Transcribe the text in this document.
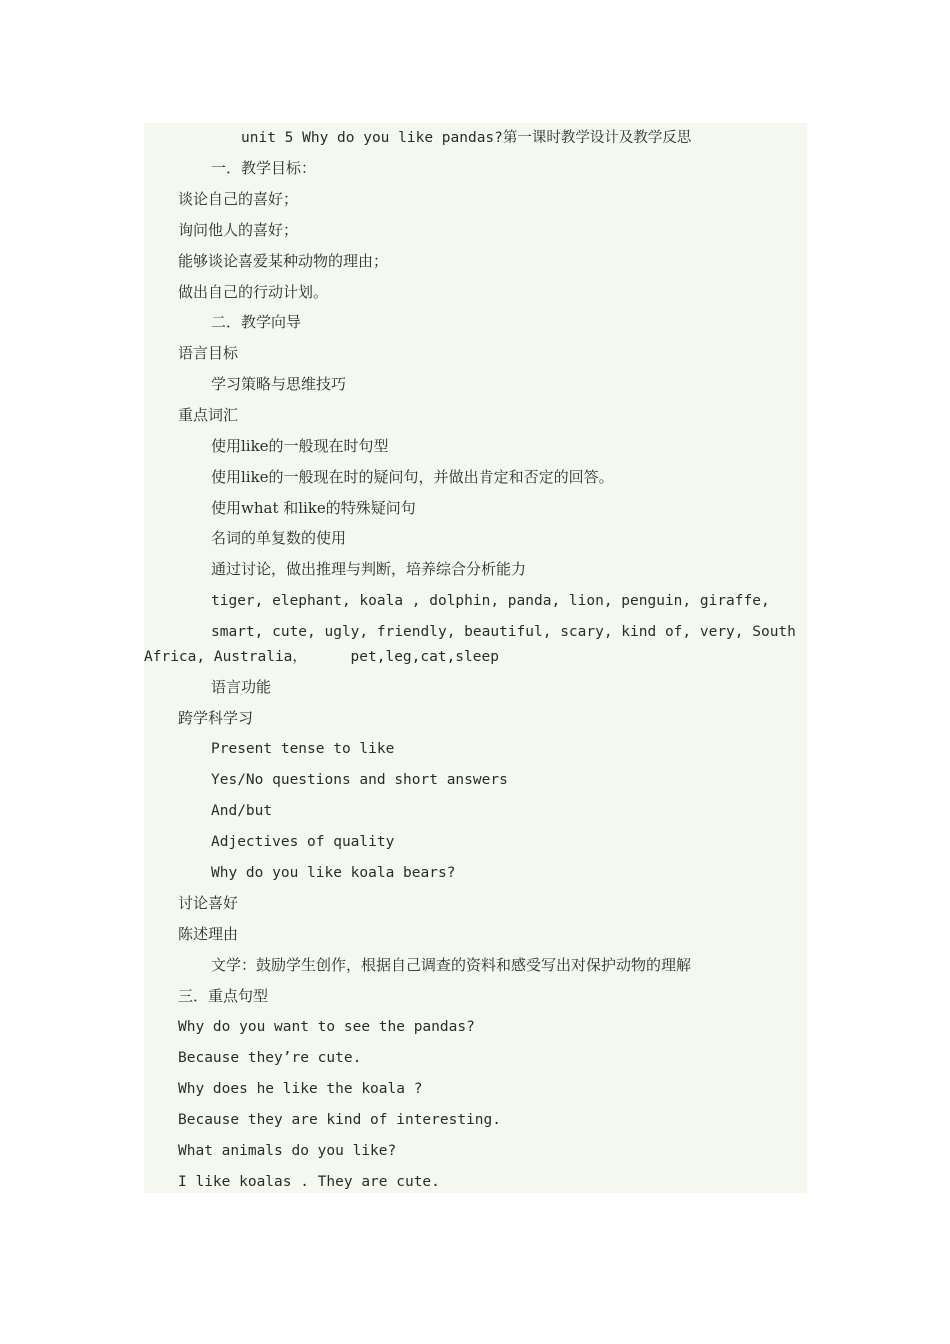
unit 5 Why do you like pandas?第一课时教学设计及教学反思
一．教学目标：
谈论自己的喜好；
询问他人的喜好；
能够谈论喜爱某种动物的理由；
做出自己的行动计划。
二．教学向导
语言目标
学习策略与思维技巧
重点词汇
使用like的一般现在时句型
使用like的一般现在时的疑问句，并做出肯定和否定的回答。
使用what 和like的特殊疑问句
名词的单复数的使用
通过讨论，做出推理与判断，培养综合分析能力
tiger, elephant, koala , dolphin, panda, lion, penguin, giraffe,
smart, cute, ugly, friendly, beautiful, scary, kind of, very, South
Africa, Australia，     pet,leg,cat,sleep
语言功能
跨学科学习
Present tense to like
Yes/No questions and short answers
And/but
Adjectives of quality
Why do you like koala bears?
讨论喜好
陈述理由
文学：鼓励学生创作，根据自己调查的资料和感受写出对保护动物的理解
三．重点句型
Why do you want to see the pandas?
Because they’re cute.
Why does he like the koala ?
Because they are kind of interesting.
What animals do you like?
I like koalas . They are cute.
